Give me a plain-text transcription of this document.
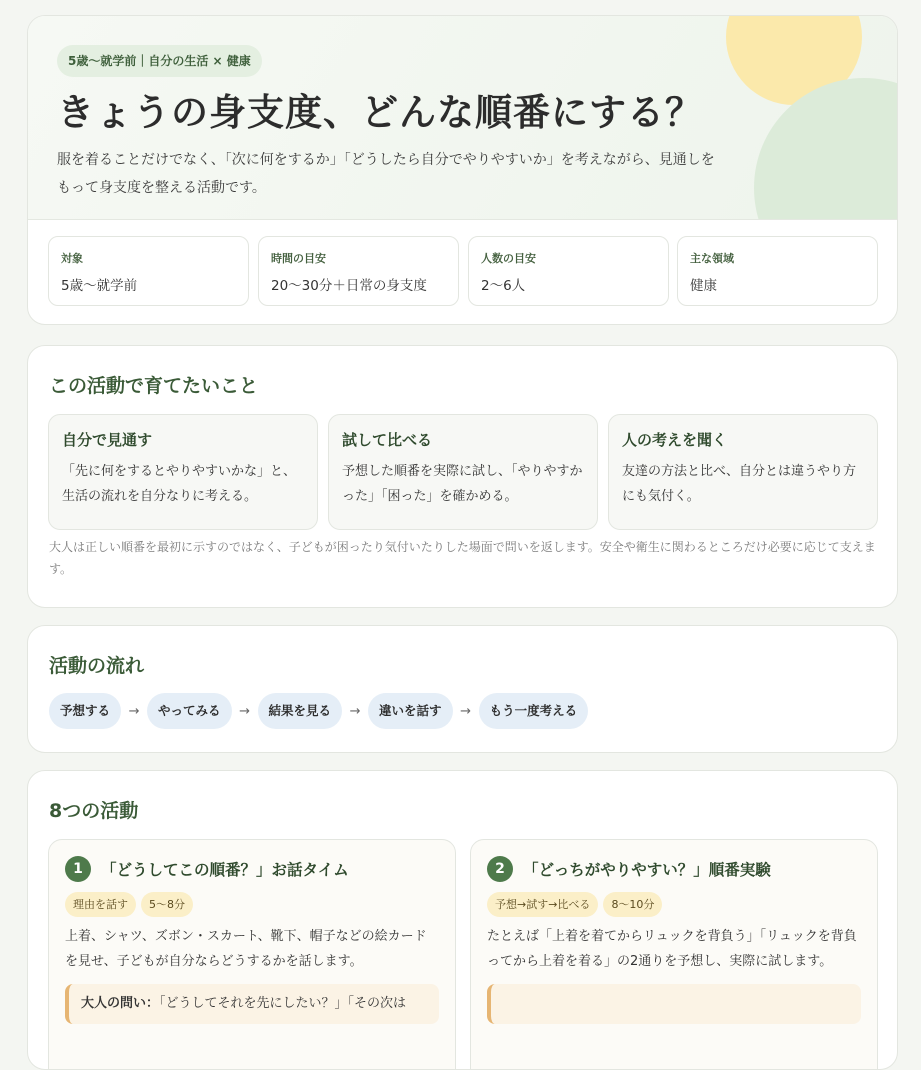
5歳〜就学前｜自分の生活 × 健康
きょうの身支度、どんな順番にする？

服を着ることだけでなく、「次に何をするか」「どうしたら自分でやりやすいか」を考えながら、見通しをもって身支度を整える活動です。

対象
5歳〜就学前
時間の目安
20〜30分＋日常の身支度
人数の目安
2〜6人
主な領域
健康
この活動で育てたいこと
自分で見通す
「先に何をするとやりやすいかな」と、生活の流れを自分なりに考える。
試して比べる
予想した順番を実際に試し、「やりやすかった」「困った」を確かめる。
人の考えを聞く
友達の方法と比べ、自分とは違うやり方にも気付く。

大人は正しい順番を最初に示すのではなく、子どもが困ったり気付いたりした場面で問いを返します。安全や衛生に関わるところだけ必要に応じて支えます。

活動の流れ
予想する	→	やってみる	→	結果を見る	→	違いを話す	→	もう一度考える
8つの活動
1	「どうしてこの順番？」お話タイム
理由を話す	5〜8分
上着、シャツ、ズボン・スカート、靴下、帽子などの絵カードを見せ、子どもが自分ならどうするかを話します。
大人の問い：「どうしてそれを先にしたい？」「その次は
2	「どっちがやりやすい？」順番実験
予想→試す→比べる	8〜10分
たとえば「上着を着てからリュックを背負う」「リュックを背負ってから上着を着る」の2通りを予想し、実際に試します。
